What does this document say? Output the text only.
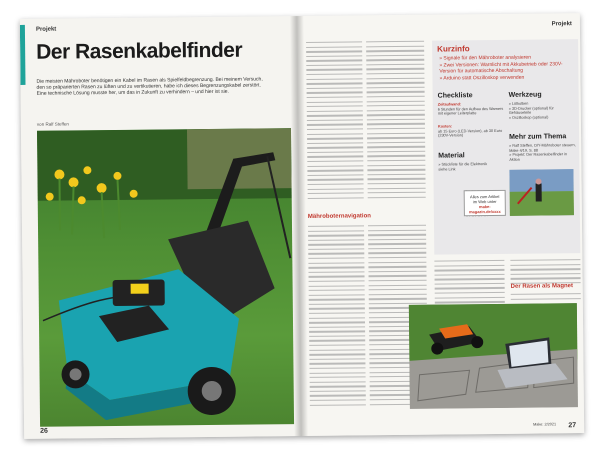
Projekt
Der Rasenkabelfinder
Die meisten Mähroboter benötigen ein Kabel im Rasen als Spielfeldbegrenzung. Bei meinem Versuch, den so präparierten Rasen zu lüften und zu vertikutieren, habe ich dieses Begrenzungskabel zerstört. Eine technische Lösung musste her, um das in Zukunft zu verhindern – und hier ist sie.
von Ralf Steffen
26
Projekt
Mähroboternavigation
Kurzinfo
» Signale für den Mähroboter analysieren
» Zwei Versionen: Warnlicht mit Akkubetrieb oder 230V-Version für automatische Abschaltung
» Arduino statt Oszilloskop verwenden
Checkliste
Zeitaufwand:
6 Stunden für den Aufbau des Warners mit eigener Leiterplatte
Kosten:
ab 15 Euro (LED-Version), ab 30 Euro (230V-Version)
Material
» Stückliste für die Elektronik
siehe Link
Alles zum Artikel
im Web unter
make-magazin.de/xxxx
Werkzeug
» Lötkolben
» 3D-Drucker (optional) für Gehäuseteile
» Oszilloskop (optional)
Mehr zum Thema
» Ralf Steffen, DIY-Mähroboter steuern, Make 4/19, S. 88
» Projekt: Der Rasenkabelfinder in Aktion
Der Rasen als Magnet
Make: 2/2021 27
